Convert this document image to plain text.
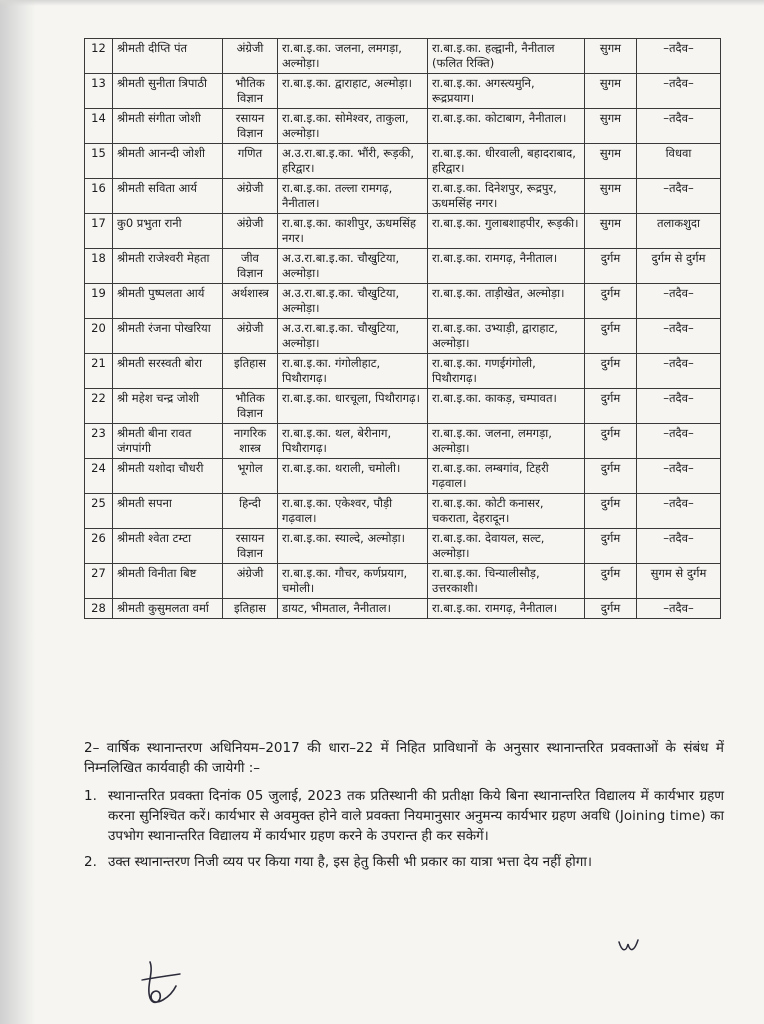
12	श्रीमती दीप्ति पंत	अंग्रेजी	रा.बा.इ.का. जलना, लमगड़ा, अल्मोड़ा।	रा.बा.इ.का. हल्द्वानी, नैनीताल (फलित रिक्ति)	सुगम	–तदैव–
13	श्रीमती सुनीता त्रिपाठी	भौतिक विज्ञान	रा.बा.इ.का. द्वाराहाट, अल्मोड़ा।	रा.बा.इ.का. अगस्त्यमुनि, रूद्रप्रयाग।	सुगम	–तदैव–
14	श्रीमती संगीता जोशी	रसायन विज्ञान	रा.बा.इ.का. सोमेश्वर, ताकुला, अल्मोड़ा।	रा.बा.इ.का. कोटाबाग, नैनीताल।	सुगम	–तदैव–
15	श्रीमती आनन्दी जोशी	गणित	अ.उ.रा.बा.इ.का. भौंरी, रूड़की, हरिद्वार।	रा.बा.इ.का. धीरवाली, बहादराबाद, हरिद्वार।	सुगम	विधवा
16	श्रीमती सविता आर्य	अंग्रेजी	रा.बा.इ.का. तल्ला रामगढ़, नैनीताल।	रा.बा.इ.का. दिनेशपुर, रूद्रपुर, ऊधमसिंह नगर।	सुगम	–तदैव–
17	कु0 प्रभुता रानी	अंग्रेजी	रा.बा.इ.का. काशीपुर, ऊधमसिंह नगर।	रा.बा.इ.का. गुलाबशाहपीर, रूड़की।	सुगम	तलाकशुदा
18	श्रीमती राजेश्वरी मेहता	जीव विज्ञान	अ.उ.रा.बा.इ.का. चौखुटिया, अल्मोड़ा।	रा.बा.इ.का. रामगढ़, नैनीताल।	दुर्गम	दुर्गम से दुर्गम
19	श्रीमती पुष्पलता आर्य	अर्थशास्त्र	अ.उ.रा.बा.इ.का. चौखुटिया, अल्मोड़ा।	रा.बा.इ.का. ताड़ीखेत, अल्मोड़ा।	दुर्गम	–तदैव–
20	श्रीमती रंजना पोखरिया	अंग्रेजी	अ.उ.रा.बा.इ.का. चौखुटिया, अल्मोड़ा।	रा.बा.इ.का. उभ्याड़ी, द्वाराहाट, अल्मोड़ा।	दुर्गम	–तदैव–
21	श्रीमती सरस्वती बोरा	इतिहास	रा.बा.इ.का. गंगोलीहाट, पिथौरागढ़।	रा.बा.इ.का. गणईगंगोली, पिथौरागढ़।	दुर्गम	–तदैव–
22	श्री महेश चन्द्र जोशी	भौतिक विज्ञान	रा.बा.इ.का. धारचूला, पिथौरागढ़।	रा.बा.इ.का. काकड़, चम्पावत।	दुर्गम	–तदैव–
23	श्रीमती बीना रावत जंगपांगी	नागरिक शास्त्र	रा.बा.इ.का. थल, बेरीनाग, पिथौरागढ़।	रा.बा.इ.का. जलना, लमगड़ा, अल्मोड़ा।	दुर्गम	–तदैव–
24	श्रीमती यशोदा चौधरी	भूगोल	रा.बा.इ.का. थराली, चमोली।	रा.बा.इ.का. लम्बगांव, टिहरी गढ़वाल।	दुर्गम	–तदैव–
25	श्रीमती सपना	हिन्दी	रा.बा.इ.का. एकेश्वर, पौड़ी गढ़वाल।	रा.बा.इ.का. कोटी कनासर, चकराता, देहरादून।	दुर्गम	–तदैव–
26	श्रीमती श्वेता टम्टा	रसायन विज्ञान	रा.बा.इ.का. स्याल्दे, अल्मोड़ा।	रा.बा.इ.का. देवायल, सल्ट, अल्मोड़ा।	दुर्गम	–तदैव–
27	श्रीमती विनीता बिष्ट	अंग्रेजी	रा.बा.इ.का. गौचर, कर्णप्रयाग, चमोली।	रा.बा.इ.का. चिन्यालीसौड़, उत्तरकाशी।	दुर्गम	सुगम से दुर्गम
28	श्रीमती कुसुमलता वर्मा	इतिहास	डायट, भीमताल, नैनीताल।	रा.बा.इ.का. रामगढ़, नैनीताल।	दुर्गम	–तदैव–

2– वार्षिक स्थानान्तरण अधिनियम–2017 की धारा–22 में निहित प्राविधानों के अनुसार स्थानान्तरित प्रवक्ताओं के संबंध में निम्नलिखित कार्यवाही की जायेगी :–

1. स्थानान्तरित प्रवक्ता दिनांक 05 जुलाई, 2023 तक प्रतिस्थानी की प्रतीक्षा किये बिना स्थानान्तरित विद्यालय में कार्यभार ग्रहण करना सुनिश्चित करें। कार्यभार से अवमुक्त होने वाले प्रवक्ता नियमानुसार अनुमन्य कार्यभार ग्रहण अवधि (Joining time) का उपभोग स्थानान्तरित विद्यालय में कार्यभार ग्रहण करने के उपरान्त ही कर सकेगें।
2. उक्त स्थानान्तरण निजी व्यय पर किया गया है, इस हेतु किसी भी प्रकार का यात्रा भत्ता देय नहीं होगा।
